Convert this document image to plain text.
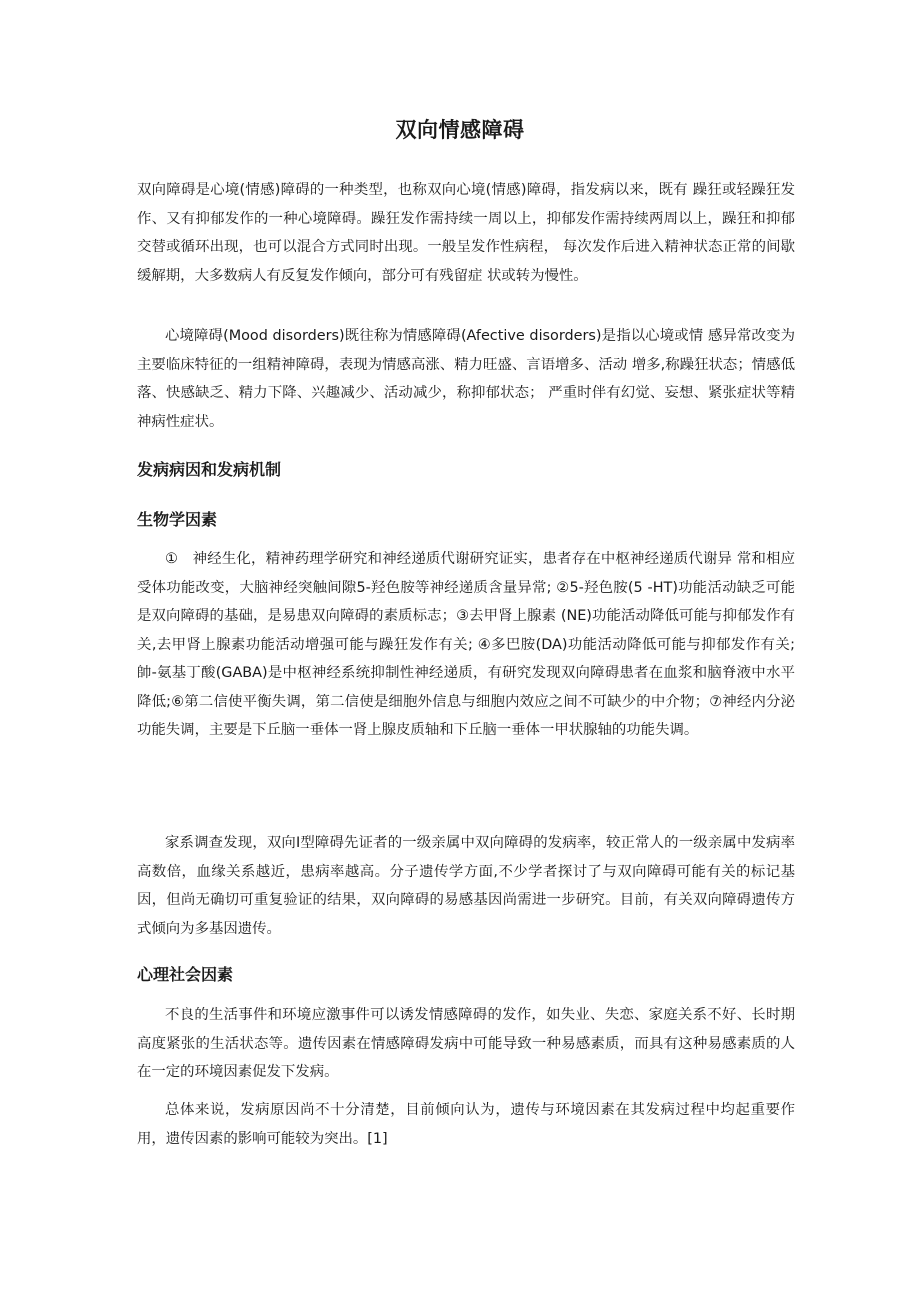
双向情感障碍

双向障碍是心境(情感)障碍的一种类型，也称双向心境(情感)障碍，指发病以来，既有 躁狂或轻躁狂发作、又有抑郁发作的一种心境障碍。躁狂发作需持续一周以上，抑郁发作需持续两周以上，躁狂和抑郁交替或循环出现，也可以混合方式同时出现。一般呈发作性病程， 每次发作后进入精神状态正常的间歇缓解期，大多数病人有反复发作倾向，部分可有残留症 状或转为慢性。

心境障碍(Mood disorders)既往称为情感障碍(Afective disorders)是指以心境或情 感异常改变为主要临床特征的一组精神障碍，表现为情感高涨、精力旺盛、言语增多、活动 增多,称躁狂状态；情感低落、快感缺乏、精力下降、兴趣减少、活动减少，称抑郁状态； 严重时伴有幻觉、妄想、紧张症状等精神病性症状。

发病病因和发病机制
生物学因素

①　神经生化，精神药理学研究和神经递质代谢研究证实，患者存在中枢神经递质代谢异 常和相应受体功能改变，大脑神经突触间隙5-羟色胺等神经递质含量异常; ②5-羟色胺(5 -HT)功能活动缺乏可能是双向障碍的基础，是易患双向障碍的素质标志；③去甲肾上腺素 (NE)功能活动降低可能与抑郁发作有关,去甲肾上腺素功能活动增强可能与躁狂发作有关; ④多巴胺(DA)功能活动降低可能与抑郁发作有关; 帥-氨基丁酸(GABA)是中枢神经系统抑制性神经递质，有研究发现双向障碍患者在血浆和脑脊液中水平降低;⑥第二信使平衡失调，第二信使是细胞外信息与细胞内效应之间不可缺少的中介物；⑦神经内分泌功能失调，主要是下丘脑一垂体一肾上腺皮质轴和下丘脑一垂体一甲状腺轴的功能失调。

家系调查发现，双向I型障碍先证者的一级亲属中双向障碍的发病率，较正常人的一级亲属中发病率高数倍，血缘关系越近，患病率越高。分子遗传学方面,不少学者探讨了与双向障碍可能有关的标记基因，但尚无确切可重复验证的结果，双向障碍的易感基因尚需进一步研究。目前，有关双向障碍遗传方式倾向为多基因遗传。

心理社会因素

不良的生活事件和环境应激事件可以诱发情感障碍的发作，如失业、失恋、家庭关系不好、长时期高度紧张的生活状态等。遗传因素在情感障碍发病中可能导致一种易感素质，而具有这种易感素质的人在一定的环境因素促发下发病。

总体来说，发病原因尚不十分清楚，目前倾向认为，遗传与环境因素在其发病过程中均起重要作用，遗传因素的影响可能较为突出。[1]
